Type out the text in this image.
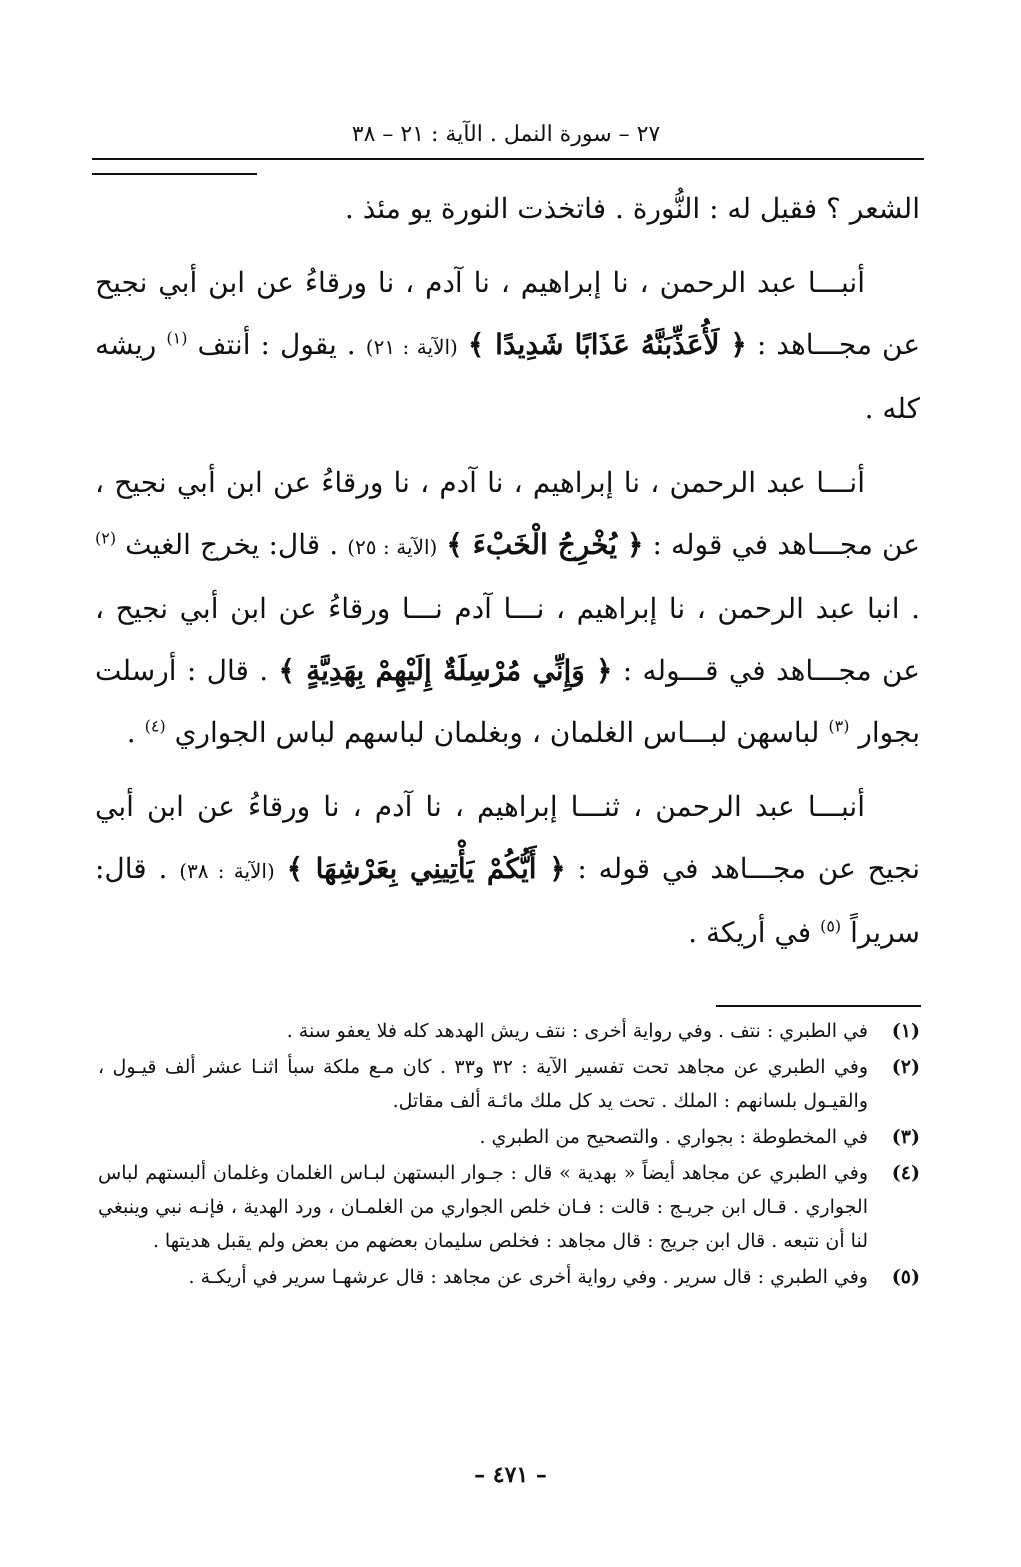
٢٧ – سورة النمل . الآية : ٢١ – ٣٨

الشعر ؟ فقيل له : النُّورة . فاتخذت النورة يو مئذ .

أنبـــا عبد الرحمن ، نا إبراهيم ، نا آدم ، نا ورقاءُ عن ابن أبي نجيح عن مجـــاهد : ﴿ لَأُعَذِّبَنَّهُ عَذَابًا شَدِيدًا ﴾ (الآية : ٢١) . يقول : أنتف $^{(١)}$ ريشه كله .

أنـــا عبد الرحمن ، نا إبراهيم ، نا آدم ، نا ورقاءُ عن ابن أبي نجيح ، عن مجـــاهد في قوله : ﴿ يُخْرِجُ الْخَبْءَ ﴾ (الآية : ٢٥) . قال: يخرج الغيث $^{(٢)}$ . انبا عبد الرحمن ، نا إبراهيم ، نـــا آدم نـــا ورقاءُ عن ابن أبي نجيح ، عن مجـــاهد في قـــوله : ﴿ وَإِنِّي مُرْسِلَةٌ إِلَيْهِمْ بِهَدِيَّةٍ ﴾ . قال : أرسلت بجوار $^{(٣)}$ لباسهن لبـــاس الغلمان ، وبغلمان لباسهم لباس الجواري $^{(٤)}$ .

أنبـــا عبد الرحمن ، ثنـــا إبراهيم ، نا آدم ، نا ورقاءُ عن ابن أبي نجيح عن مجـــاهد في قوله : ﴿ أَيُّكُمْ يَأْتِينِي بِعَرْشِهَا ﴾ (الآية : ٣٨) . قال: سريراً $^{(٥)}$ في أريكة .

(١)
في الطبري : نتف . وفي رواية أخرى : نتف ريش الهدهد كله فلا يعفو سنة .
(٢)
وفي الطبري عن مجاهد تحت تفسير الآية : ٣٢ و٣٣ . كان مـع ملكة سبأ اثنـا عشر ألف قيـول ، والقيـول بلسانهم : الملك . تحت يد كل ملك مائـة ألف مقاتل.
(٣)
في المخطوطة : بجواري . والتصحيح من الطبري .
(٤)
وفي الطبري عن مجاهد أيضاً « بهدية » قال : جـوار البستهن لبـاس الغلمان وغلمان ألبستهم لباس الجواري . قـال ابن جريـج : قالت : فـان خلص الجواري من الغلمـان ، ورد الهدية ، فإنـه نبي وينبغي لنا أن نتبعه . قال ابن جريج : قال مجاهد : فخلص سليمان بعضهم من بعض ولم يقبل هديتها .
(٥)
وفي الطبري : قال سرير . وفي رواية أخرى عن مجاهد : قال عرشهـا سرير في أريكـة .
– ٤٧١ –
